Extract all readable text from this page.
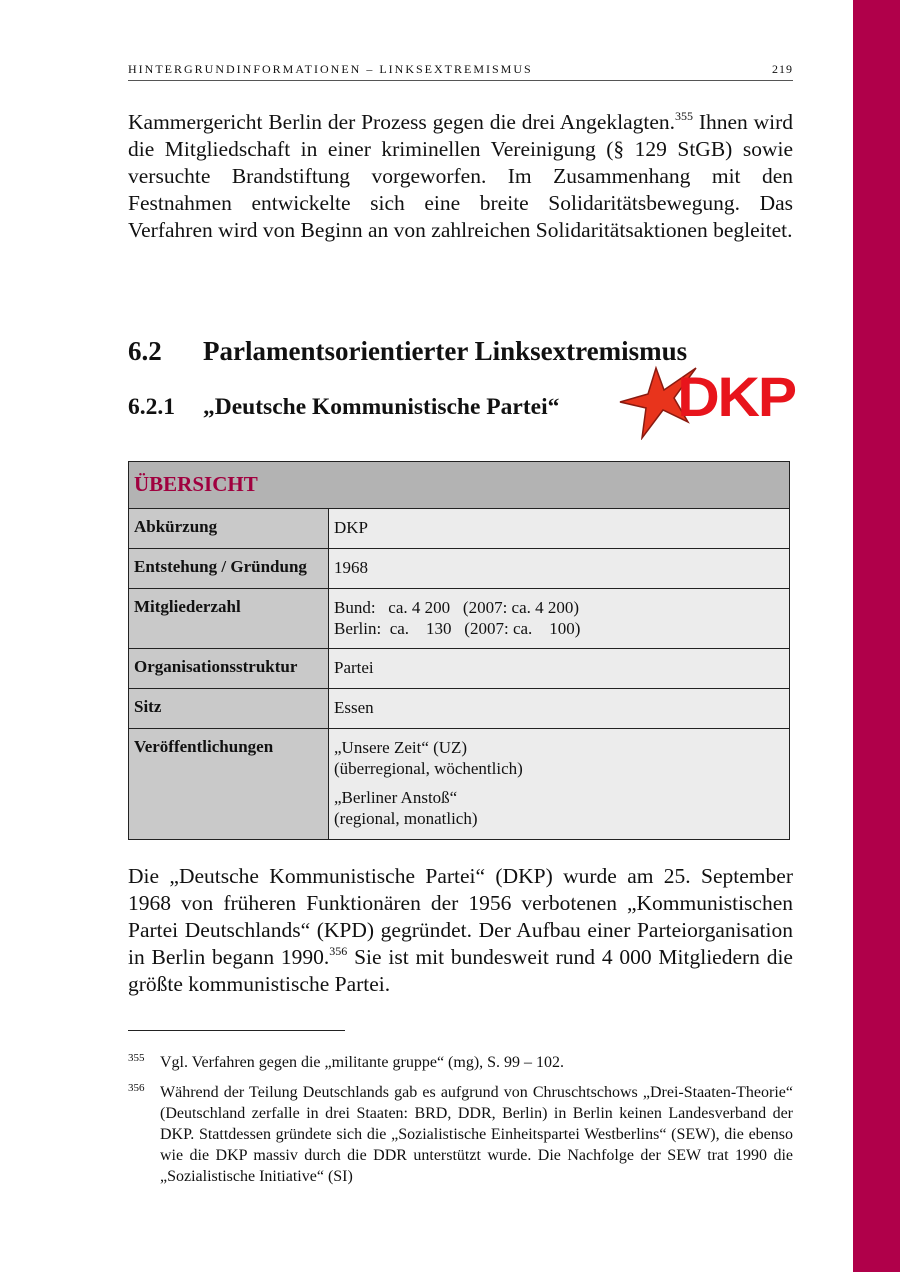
HINTERGRUNDINFORMATIONEN – LINKSEXTREMISMUS	219
Kammergericht Berlin der Prozess gegen die drei Angeklagten.$^{355}$ Ihnen wird die Mitgliedschaft in einer kriminellen Vereinigung (§ 129 StGB) sowie versuchte Brandstiftung vorgeworfen. Im Zusammenhang mit den Festnahmen entwickelte sich eine breite Solidaritätsbewegung. Das Verfahren wird von Beginn an von zahlreichen Solidaritätsaktionen begleitet.
6.2 Parlamentsorientierter Linksextremismus
6.2.1 „Deutsche Kommunistische Partei“ DKP
ÜBERSICHT	
Abkürzung	DKP
Entstehung / Gründung	1968
Mitgliederzahl	Bund:   ca. 4 200   (2007: ca. 4 200)
Berlin:  ca.    130   (2007: ca.    100)

Organisationsstruktur	Partei
Sitz	Essen
Veröffentlichungen	„Unsere Zeit“ (UZ)
(überregional, wöchentlich)
„Berliner Anstoß“
(regional, monatlich)
Die „Deutsche Kommunistische Partei“ (DKP) wurde am 25. September 1968 von früheren Funktionären der 1956 verbotenen „Kommunistischen Partei Deutschlands“ (KPD) gegründet. Der Aufbau einer Parteiorganisation in Berlin begann 1990.$^{356}$ Sie ist mit bundesweit rund 4 000 Mitgliedern die größte kommunistische Partei.
355 Vgl. Verfahren gegen die „militante gruppe“ (mg), S. 99 – 102.
356 Während der Teilung Deutschlands gab es aufgrund von Chruschtschows „Drei-Staaten-Theorie“ (Deutschland zerfalle in drei Staaten: BRD, DDR, Berlin) in Berlin keinen Landesverband der DKP. Stattdessen gründete sich die „Sozialistische Einheitspartei Westberlins“ (SEW), die ebenso wie die DKP massiv durch die DDR unterstützt wurde. Die Nachfolge der SEW trat 1990 die „Sozialistische Initiative“ (SI)
